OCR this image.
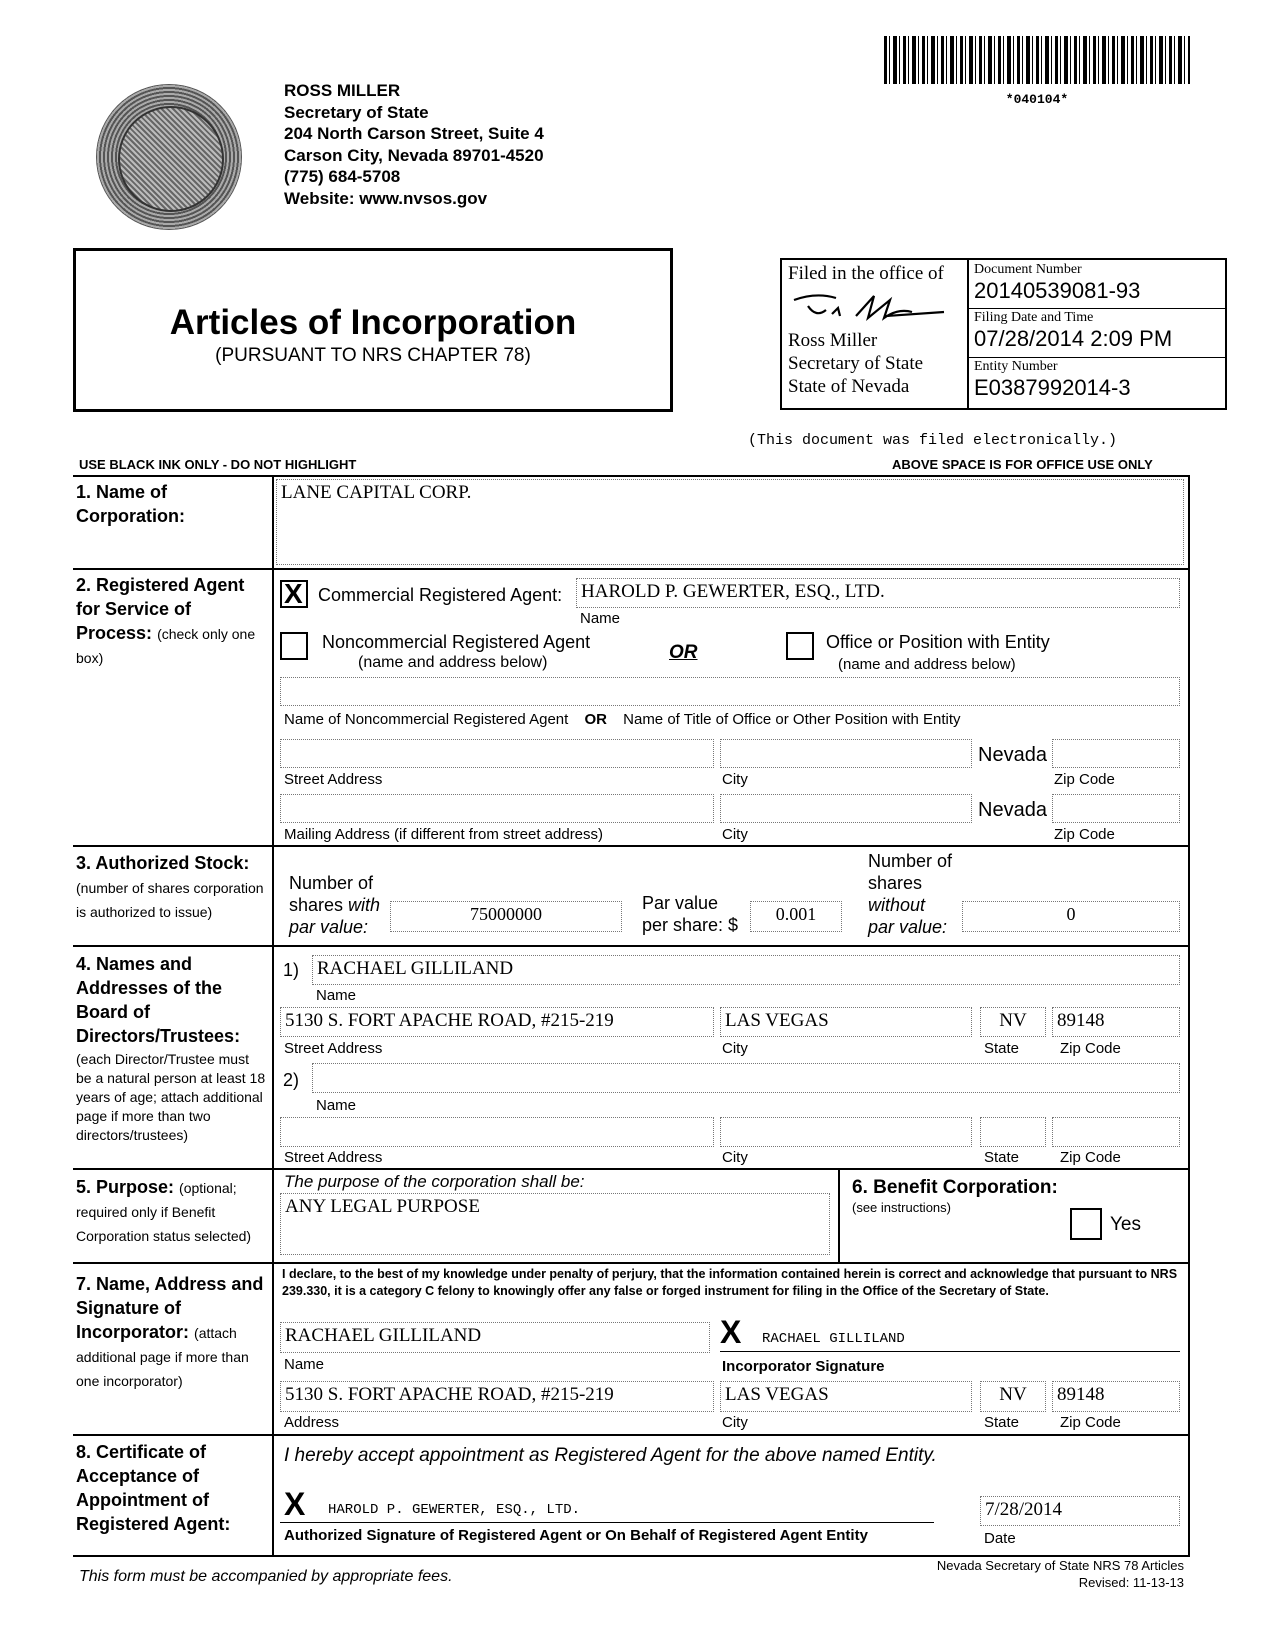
ROSS MILLER
Secretary of State
204 North Carson Street, Suite 4
Carson City, Nevada 89701-4520
(775) 684-5708
Website: www.nvsos.gov
*040104*
Articles of Incorporation
(PURSUANT TO NRS CHAPTER 78)
Filed in the office of
Ross Miller
Secretary of State
State of Nevada
Document Number
20140539081-93
Filing Date and Time
07/28/2014 2:09 PM
Entity Number
E0387992014-3
(This document was filed electronically.)
USE BLACK INK ONLY - DO NOT HIGHLIGHT	ABOVE SPACE IS FOR OFFICE USE ONLY
1. Name of Corporation:
LANE CAPITAL CORP.
2. Registered Agent for Service of Process: (check only one box)
X Commercial Registered Agent: HAROLD P. GEWERTER, ESQ., LTD.
Name
Noncommercial Registered Agent
(name and address below)	OR	Office or Position with Entity
(name and address below)
Name of Noncommercial Registered Agent OR Name of Title of Office or Other Position with Entity
Nevada
Street Address	City	Zip Code
Nevada
Mailing Address (if different from street address)	City	Zip Code
3. Authorized Stock: (number of shares corporation is authorized to issue)
Number of
shares with
par value:
75000000
Par value
per share: $
0.001
Number of
shares
without
par value:
0
4. Names and Addresses of the Board of Directors/Trustees:
(each Director/Trustee must be a natural person at least 18 years of age; attach additional page if more than two directors/trustees)
1) RACHAEL GILLILAND
Name
5130 S. FORT APACHE ROAD, #215-219	LAS VEGAS	NV	89148
Street Address	City	State	Zip Code
2)
Name
Street Address	City	State	Zip Code
5. Purpose: (optional; required only if Benefit Corporation status selected)
The purpose of the corporation shall be:
ANY LEGAL PURPOSE
6. Benefit Corporation:
(see instructions)
Yes
7. Name, Address and Signature of Incorporator: (attach additional page if more than one incorporator)
I declare, to the best of my knowledge under penalty of perjury, that the information contained herein is correct and acknowledge that pursuant to NRS 239.330, it is a category C felony to knowingly offer any false or forged instrument for filing in the Office of the Secretary of State.
RACHAEL GILLILAND
Name
X RACHAEL GILLILAND
Incorporator Signature
5130 S. FORT APACHE ROAD, #215-219	LAS VEGAS	NV	89148
Address	City	State	Zip Code
8. Certificate of Acceptance of Appointment of Registered Agent:
I hereby accept appointment as Registered Agent for the above named Entity.
X HAROLD P. GEWERTER, ESQ., LTD.
Authorized Signature of Registered Agent or On Behalf of Registered Agent Entity
7/28/2014
Date
This form must be accompanied by appropriate fees.
Nevada Secretary of State NRS 78 Articles
Revised: 11-13-13
